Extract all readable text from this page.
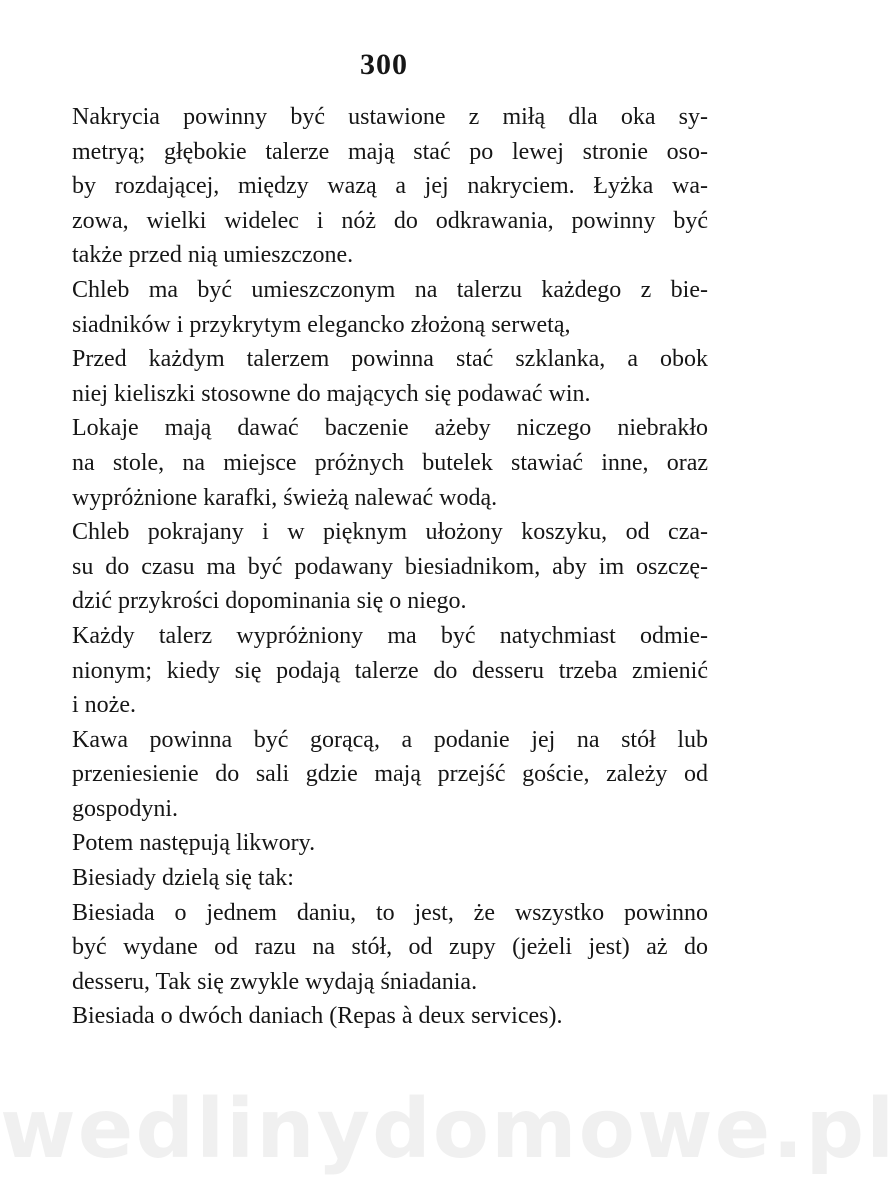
300
Nakrycia powinny być ustawione z miłą dla oka sy-
metryą; głębokie talerze mają stać po lewej stronie oso-
by rozdającej, między wazą a jej nakryciem. Łyżka wa-
zowa, wielki widelec i nóż do odkrawania, powinny być
także przed nią umieszczone.
Chleb ma być umieszczonym na talerzu każdego z bie-
siadników i przykrytym elegancko złożoną serwetą,
Przed każdym talerzem powinna stać szklanka, a obok
niej kieliszki stosowne do mających się podawać win.
Lokaje mają dawać baczenie ażeby niczego niebrakło
na stole, na miejsce próżnych butelek stawiać inne, oraz
wypróżnione karafki, świeżą nalewać wodą.
Chleb pokrajany i w pięknym ułożony koszyku, od cza-
su do czasu ma być podawany biesiadnikom, aby im oszczę-
dzić przykrości dopominania się o niego.
Każdy talerz wypróżniony ma być natychmiast odmie-
nionym; kiedy się podają talerze do desseru trzeba zmienić
i noże.
Kawa powinna być gorącą, a podanie jej na stół lub
przeniesienie do sali gdzie mają przejść goście, zależy od
gospodyni.
Potem następują likwory.
Biesiady dzielą się tak:
Biesiada o jednem daniu, to jest, że wszystko powinno
być wydane od razu na stół, od zupy (jeżeli jest) aż do
desseru, Tak się zwykle wydają śniadania.
Biesiada o dwóch daniach (Repas à deux services).
wedlinydomowe.pl
